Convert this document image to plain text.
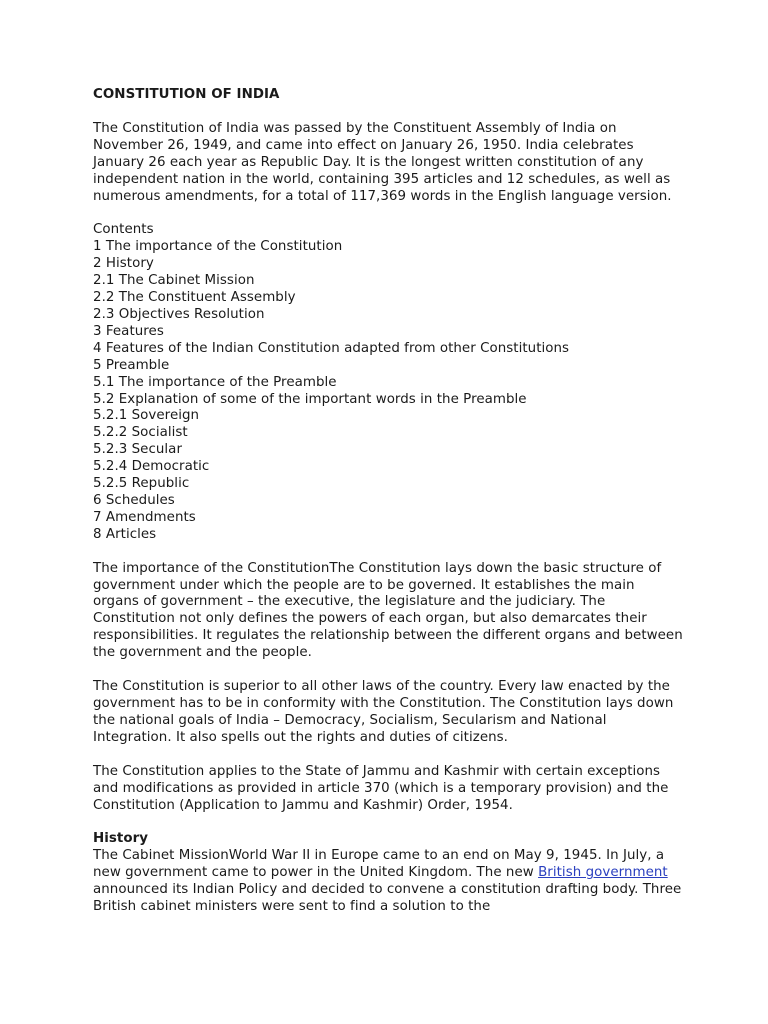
CONSTITUTION OF INDIA

The Constitution of India was passed by the Constituent Assembly of India on November 26, 1949, and came into effect on January 26, 1950. India celebrates January 26 each year as Republic Day. It is the longest written constitution of any independent nation in the world, containing 395 articles and 12 schedules, as well as numerous amendments, for a total of 117,369 words in the English language version.

Contents
1 The importance of the Constitution
2 History
2.1 The Cabinet Mission
2.2 The Constituent Assembly
2.3 Objectives Resolution
3 Features
4 Features of the Indian Constitution adapted from other Constitutions
5 Preamble
5.1 The importance of the Preamble
5.2 Explanation of some of the important words in the Preamble
5.2.1 Sovereign
5.2.2 Socialist
5.2.3 Secular
5.2.4 Democratic
5.2.5 Republic
6 Schedules
7 Amendments
8 Articles

The importance of the ConstitutionThe Constitution lays down the basic structure of government under which the people are to be governed. It establishes the main organs of government – the executive, the legislature and the judiciary. The Constitution not only defines the powers of each organ, but also demarcates their responsibilities. It regulates the relationship between the different organs and between the government and the people.

The Constitution is superior to all other laws of the country. Every law enacted by the government has to be in conformity with the Constitution. The Constitution lays down the national goals of India – Democracy, Socialism, Secularism and National Integration. It also spells out the rights and duties of citizens.

The Constitution applies to the State of Jammu and Kashmir with certain exceptions and modifications as provided in article 370 (which is a temporary provision) and the Constitution (Application to Jammu and Kashmir) Order, 1954.

History

The Cabinet MissionWorld War II in Europe came to an end on May 9, 1945. In July, a new government came to power in the United Kingdom. The new British government announced its Indian Policy and decided to convene a constitution drafting body. Three British cabinet ministers were sent to find a solution to the
